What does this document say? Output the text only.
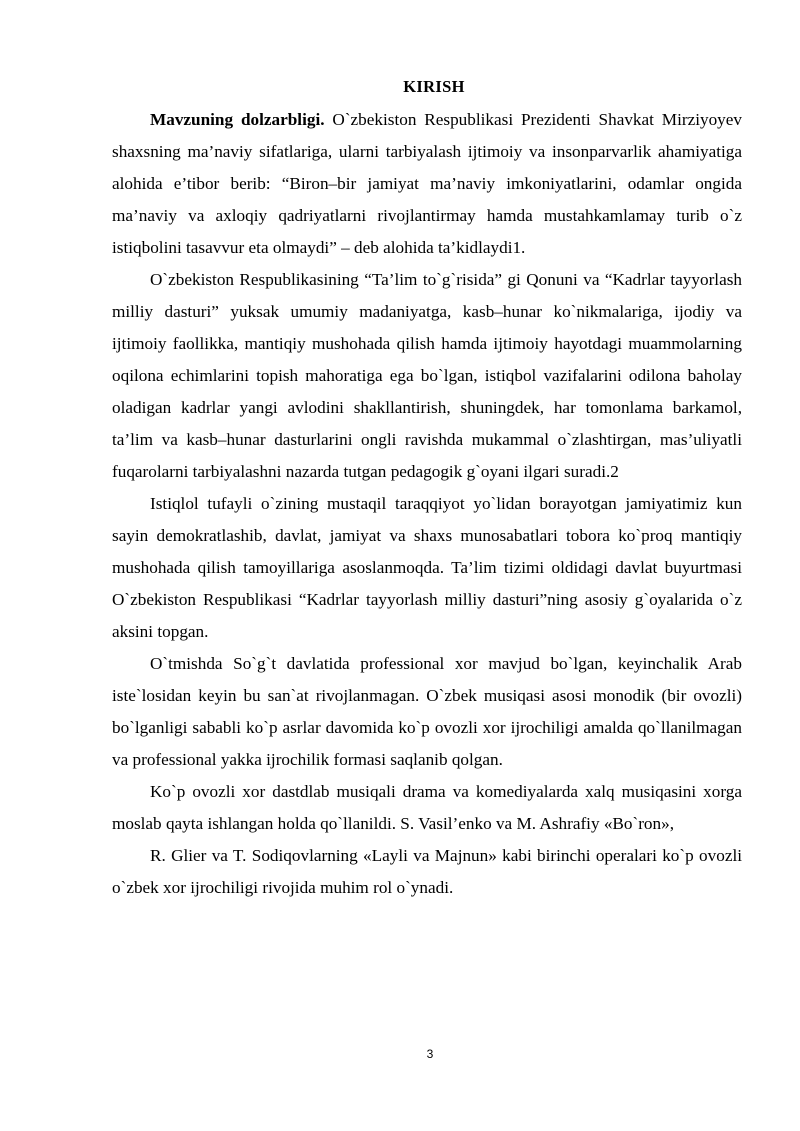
KIRISH

Mavzuning dolzarbligi. O`zbekiston Respublikasi Prezidenti Shavkat Mirziyoyev shaxsning ma’naviy sifatlariga, ularni tarbiyalash ijtimoiy va insonparvarlik ahamiyatiga alohida e’tibor berib: “Biron–bir jamiyat ma’naviy imkoniyatlarini, odamlar ongida ma’naviy va axloqiy qadriyatlarni rivojlantirmay hamda mustahkamlamay turib o`z istiqbolini tasavvur eta olmaydi” – deb alohida ta’kidlaydi1.

O`zbekiston Respublikasining “Ta’lim to`g`risida” gi Qonuni va “Kadrlar tayyorlash milliy dasturi” yuksak umumiy madaniyatga, kasb–hunar ko`nikmalariga, ijodiy va ijtimoiy faollikka, mantiqiy mushohada qilish hamda ijtimoiy hayotdagi muammolarning oqilona echimlarini topish mahoratiga ega bo`lgan, istiqbol vazifalarini odilona baholay oladigan kadrlar yangi avlodini shakllantirish, shuningdek, har tomonlama barkamol, ta’lim va kasb–hunar dasturlarini ongli ravishda mukammal o`zlashtirgan, mas’uliyatli fuqarolarni tarbiyalashni nazarda tutgan pedagogik g`oyani ilgari suradi.2

Istiqlol tufayli o`zining mustaqil taraqqiyot yo`lidan borayotgan jamiyatimiz kun sayin demokratlashib, davlat, jamiyat va shaxs munosabatlari tobora ko`proq mantiqiy mushohada qilish tamoyillariga asoslanmoqda. Ta’lim tizimi oldidagi davlat buyurtmasi O`zbekiston Respublikasi “Kadrlar tayyorlash milliy dasturi”ning asosiy g`oyalarida o`z aksini topgan.

O`tmishda So`g`t davlatida professional xor mavjud bo`lgan, keyinchalik Arab iste`losidan keyin bu san`at rivojlanmagan. O`zbek musiqasi asosi monodik (bir ovozli) bo`lganligi sababli ko`p asrlar davomida ko`p ovozli xor ijrochiligi amalda qo`llanilmagan va professional yakka ijrochilik formasi saqlanib qolgan.

Ko`p ovozli xor dastdlab musiqali drama va komediyalarda xalq musiqasini xorga moslab qayta ishlangan holda qo`llanildi. S. Vasil’enko va M. Ashrafiy «Bo`ron»,

R. Glier va T. Sodiqovlarning «Layli va Majnun» kabi birinchi operalari ko`p ovozli o`zbek xor ijrochiligi rivojida muhim rol o`ynadi.

3
